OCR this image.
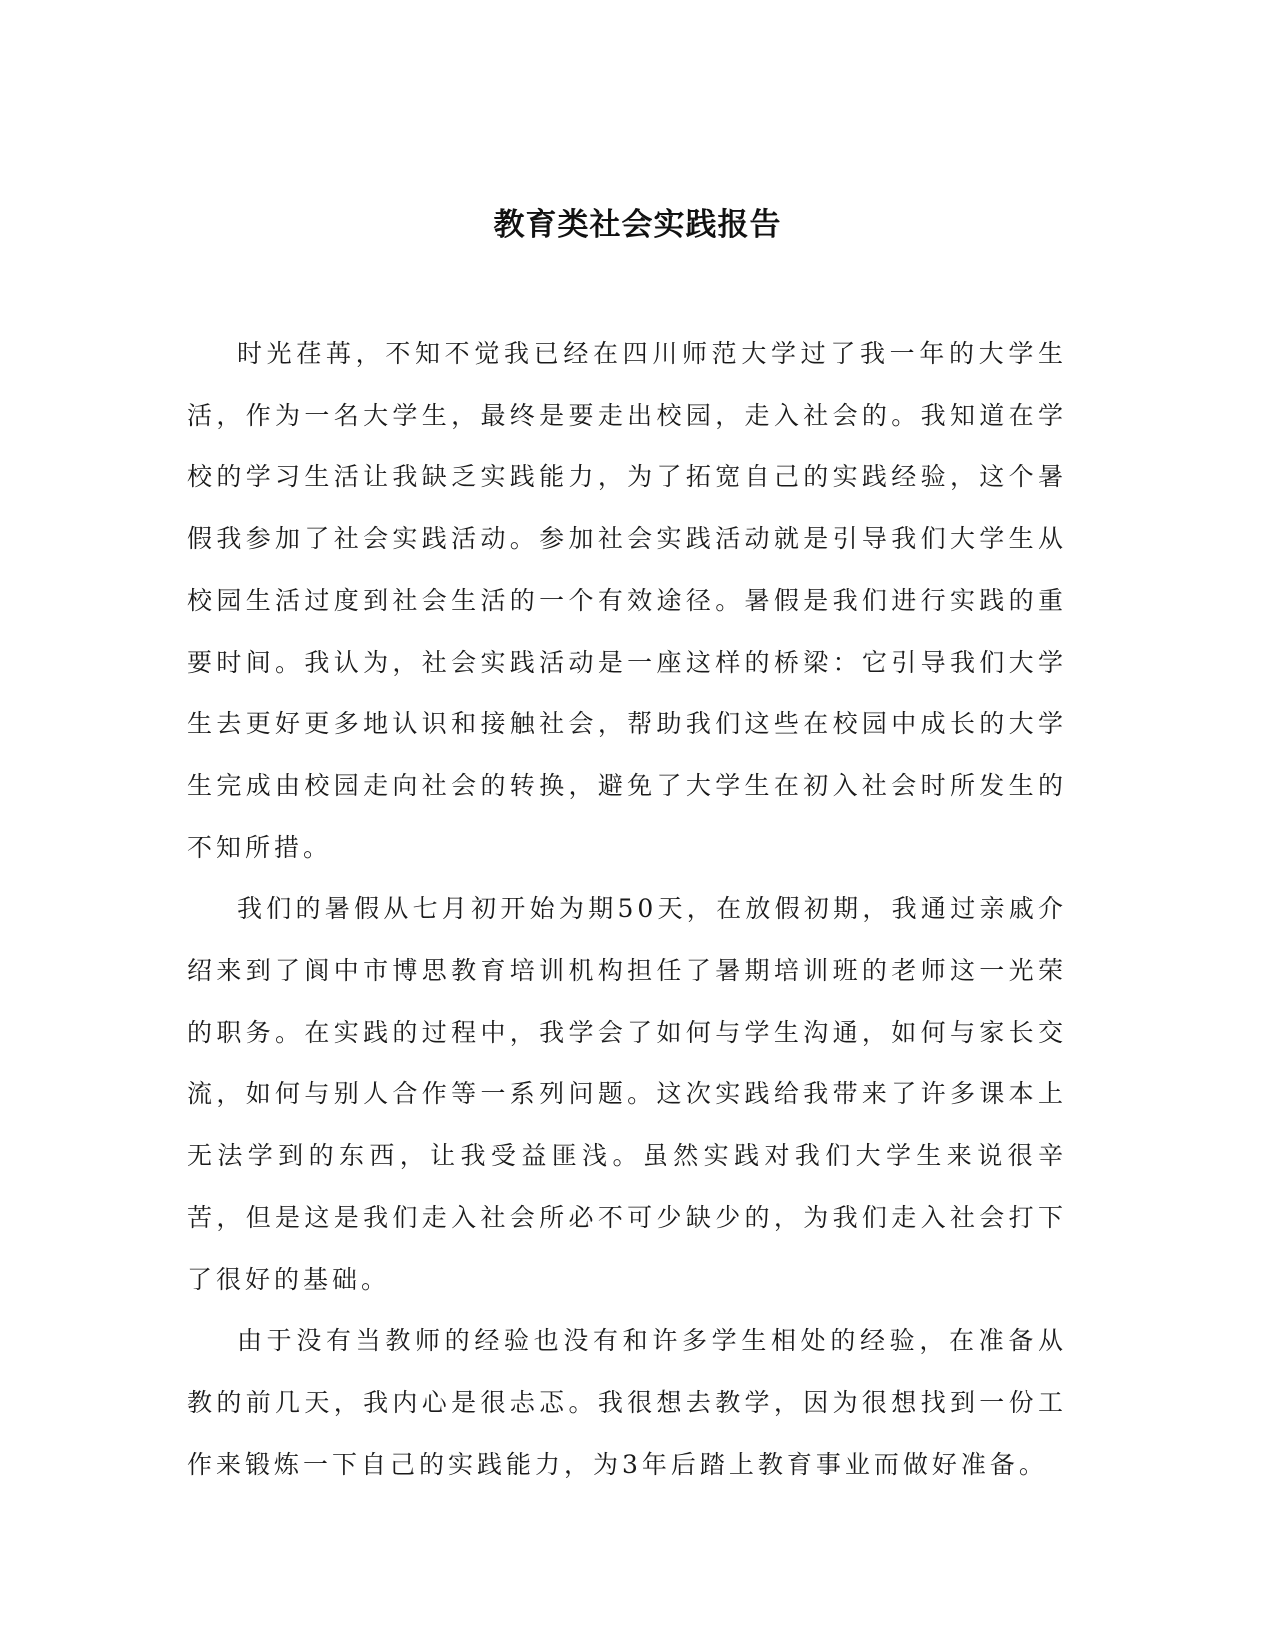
教育类社会实践报告

时光荏苒，不知不觉我已经在四川师范大学过了我一年的大学生活，作为一名大学生，最终是要走出校园，走入社会的。我知道在学校的学习生活让我缺乏实践能力，为了拓宽自己的实践经验，这个暑假我参加了社会实践活动。参加社会实践活动就是引导我们大学生从校园生活过度到社会生活的一个有效途径。暑假是我们进行实践的重要时间。我认为，社会实践活动是一座这样的桥梁：它引导我们大学生去更好更多地认识和接触社会，帮助我们这些在校园中成长的大学生完成由校园走向社会的转换，避免了大学生在初入社会时所发生的不知所措。

我们的暑假从七月初开始为期50天，在放假初期，我通过亲戚介绍来到了阆中市博思教育培训机构担任了暑期培训班的老师这一光荣的职务。在实践的过程中，我学会了如何与学生沟通，如何与家长交流，如何与别人合作等一系列问题。这次实践给我带来了许多课本上无法学到的东西，让我受益匪浅。虽然实践对我们大学生来说很辛苦，但是这是我们走入社会所必不可少缺少的，为我们走入社会打下了很好的基础。

由于没有当教师的经验也没有和许多学生相处的经验，在准备从教的前几天，我内心是很忐忑。我很想去教学，因为很想找到一份工作来锻炼一下自己的实践能力，为3年后踏上教育事业而做好准备。
